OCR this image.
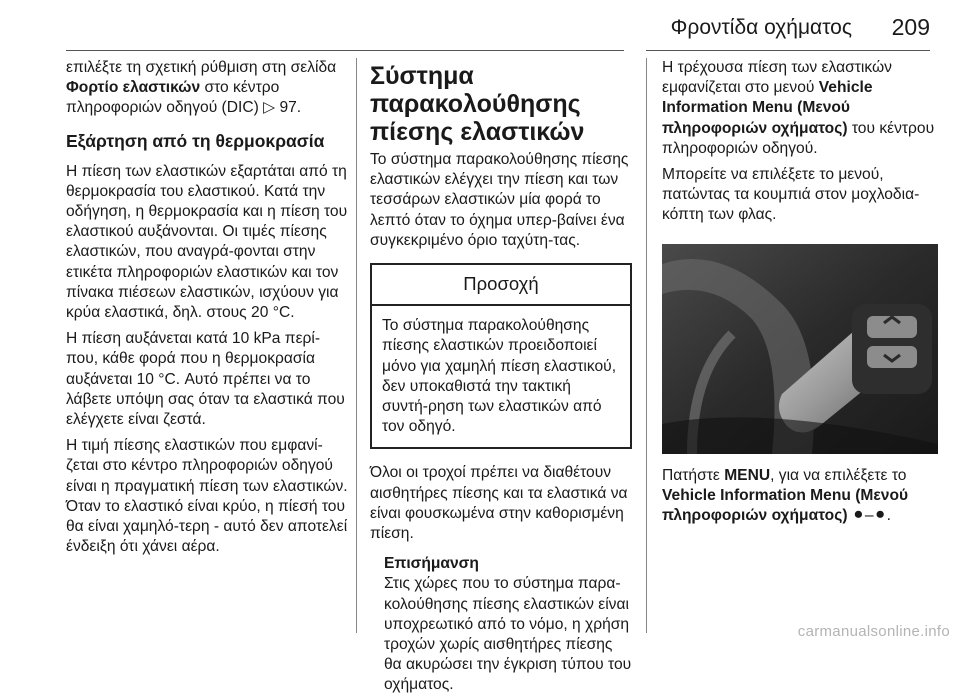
Φροντίδα οχήματος 209

επιλέξτε τη σχετική ρύθμιση στη σελίδα Φορτίο ελαστικών στο κέντρο πληροφοριών οδηγού (DIC) ▷ 97.

Εξάρτηση από τη θερμοκρασία

Η πίεση των ελαστικών εξαρτάται από τη θερμοκρασία του ελαστικού. Κατά την οδήγηση, η θερμοκρασία και η πίεση του ελαστικού αυξάνονται. Οι τιμές πίεσης ελαστικών, που αναγρά-φονται στην ετικέτα πληροφοριών ελαστικών και τον πίνακα πιέσεων ελαστικών, ισχύουν για κρύα ελαστικά, δηλ. στους 20 °C.

Η πίεση αυξάνεται κατά 10 kPa περί-που, κάθε φορά που η θερμοκρασία αυξάνεται 10 °C. Αυτό πρέπει να το λάβετε υπόψη σας όταν τα ελαστικά που ελέγχετε είναι ζεστά.

Η τιμή πίεσης ελαστικών που εμφανί-ζεται στο κέντρο πληροφοριών οδηγού είναι η πραγματική πίεση των ελαστικών. Όταν το ελαστικό είναι κρύο, η πίεσή του θα είναι χαμηλό-τερη - αυτό δεν αποτελεί ένδειξη ότι χάνει αέρα.

Σύστημα παρακολούθησης πίεσης ελαστικών

Το σύστημα παρακολούθησης πίεσης ελαστικών ελέγχει την πίεση και των τεσσάρων ελαστικών μία φορά το λεπτό όταν το όχημα υπερ-βαίνει ένα συγκεκριμένο όριο ταχύτη-τας.

Προσοχή
Το σύστημα παρακολούθησης πίεσης ελαστικών προειδοποιεί μόνο για χαμηλή πίεση ελαστικού, δεν υποκαθιστά την τακτική συντή-ρηση των ελαστικών από τον οδηγό.

Όλοι οι τροχοί πρέπει να διαθέτουν αισθητήρες πίεσης και τα ελαστικά να είναι φουσκωμένα στην καθορισμένη πίεση.

Επισήμανση
Στις χώρες που το σύστημα παρα-κολούθησης πίεσης ελαστικών είναι υποχρεωτικό από το νόμο, η χρήση τροχών χωρίς αισθητήρες πίεσης θα ακυρώσει την έγκριση τύπου του οχήματος.

Η τρέχουσα πίεση των ελαστικών εμφανίζεται στο μενού Vehicle Information Menu (Μενού πληροφοριών οχήματος) του κέντρου πληροφοριών οδηγού.

Μπορείτε να επιλέξετε το μενού, πατώντας τα κουμπιά στον μοχλοδια-κόπτη των φλας.

Πατήστε MENU, για να επιλέξετε το Vehicle Information Menu (Μενού πληροφοριών οχήματος) ⚫–⚫.

carmanualsonline.info
